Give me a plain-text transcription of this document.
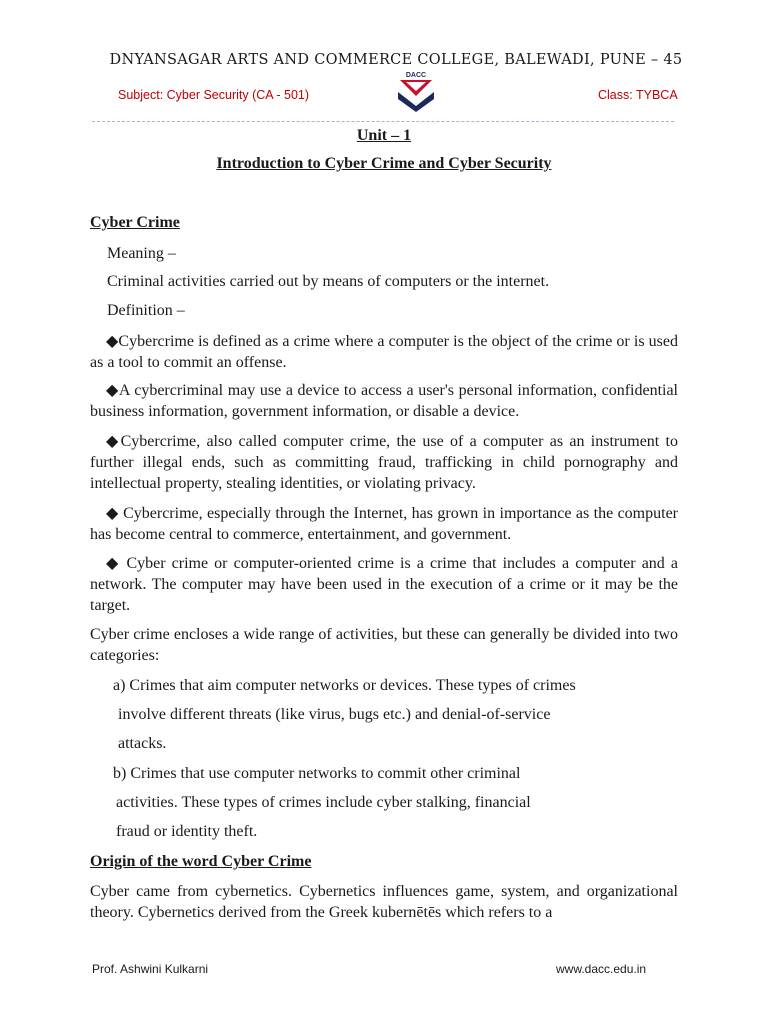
DNYANSAGAR ARTS AND COMMERCE COLLEGE, BALEWADI, PUNE – 45
Subject: Cyber Security (CA - 501)	Class: TYBCA
DACC
Unit – 1
Introduction to Cyber Crime and Cyber Security
Cyber Crime
Meaning –
Criminal activities carried out by means of computers or the internet.
Definition –
◆Cybercrime is defined as a crime where a computer is the object of the crime or is used as a tool to commit an offense.
◆A cybercriminal may use a device to access a user's personal information, confidential business information, government information, or disable a device.
◆Cybercrime, also called computer crime, the use of a computer as an instrument to further illegal ends, such as committing fraud, trafficking in child pornography and intellectual property, stealing identities, or violating privacy.
◆ Cybercrime, especially through the Internet, has grown in importance as the computer has become central to commerce, entertainment, and government.
◆ Cyber crime or computer-oriented crime is a crime that includes a computer and a network. The computer may have been used in the execution of a crime or it may be the target.
Cyber crime encloses a wide range of activities, but these can generally be divided into two categories:
a) Crimes that aim computer networks or devices. These types of crimes
involve different threats (like virus, bugs etc.) and denial-of-service
attacks.
b) Crimes that use computer networks to commit other criminal
activities. These types of crimes include cyber stalking, financial
fraud or identity theft.
Origin of the word Cyber Crime
Cyber came from cybernetics. Cybernetics influences game, system, and organizational theory. Cybernetics derived from the Greek kubernētēs which refers to a
Prof. Ashwini Kulkarni	www.dacc.edu.in
